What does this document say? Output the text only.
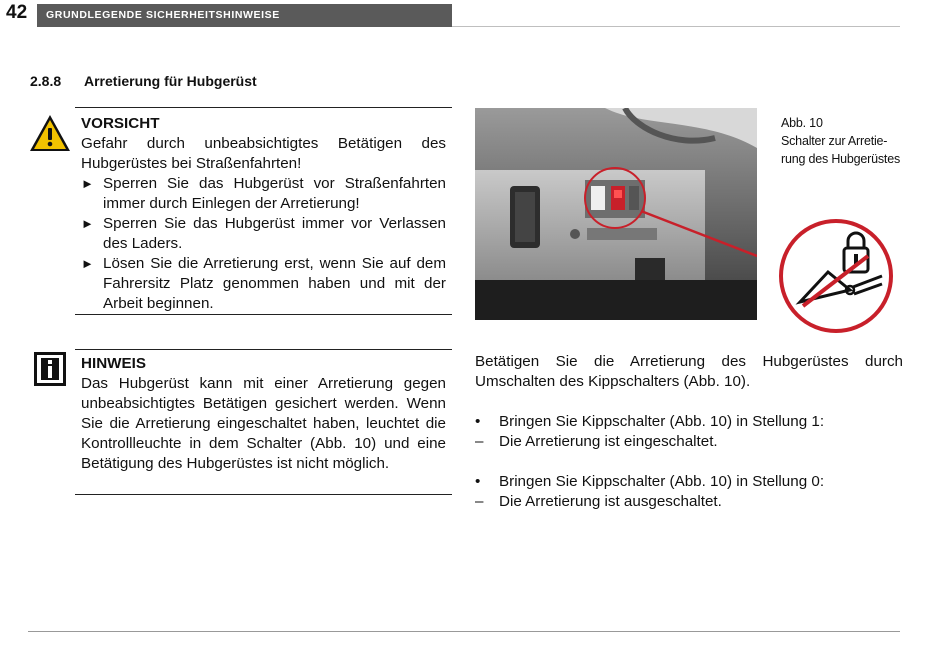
42	GRUNDLEGENDE SICHERHEITSHINWEISE
2.8.8 Arretierung für Hubgerüst
VORSICHT
Gefahr durch unbeabsichtigtes Betätigen des Hubgerüstes bei Straßenfahrten!
► Sperren Sie das Hubgerüst vor Straßenfahrten immer durch Einlegen der Arretierung!
► Sperren Sie das Hubgerüst immer vor Verlassen des Laders.
► Lösen Sie die Arretierung erst, wenn Sie auf dem Fahrersitz Platz genommen haben und mit der Arbeit beginnen.
HINWEIS
Das Hubgerüst kann mit einer Arretierung gegen unbeabsichtigtes Betätigen gesichert werden. Wenn Sie die Arretierung eingeschaltet haben, leuchtet die Kontrollleuchte in dem Schalter (Abb. 10) und eine Betätigung des Hubgerüstes ist nicht möglich.
Abb. 10
Schalter zur Arretie-
rung des Hubgerüstes

Betätigen Sie die Arretierung des Hubgerüstes durch Umschalten des Kippschalters (Abb. 10).

•	Bringen Sie Kippschalter (Abb. 10) in Stellung 1:
–	Die Arretierung ist eingeschaltet.
•	Bringen Sie Kippschalter (Abb. 10) in Stellung 0:
–	Die Arretierung ist ausgeschaltet.
